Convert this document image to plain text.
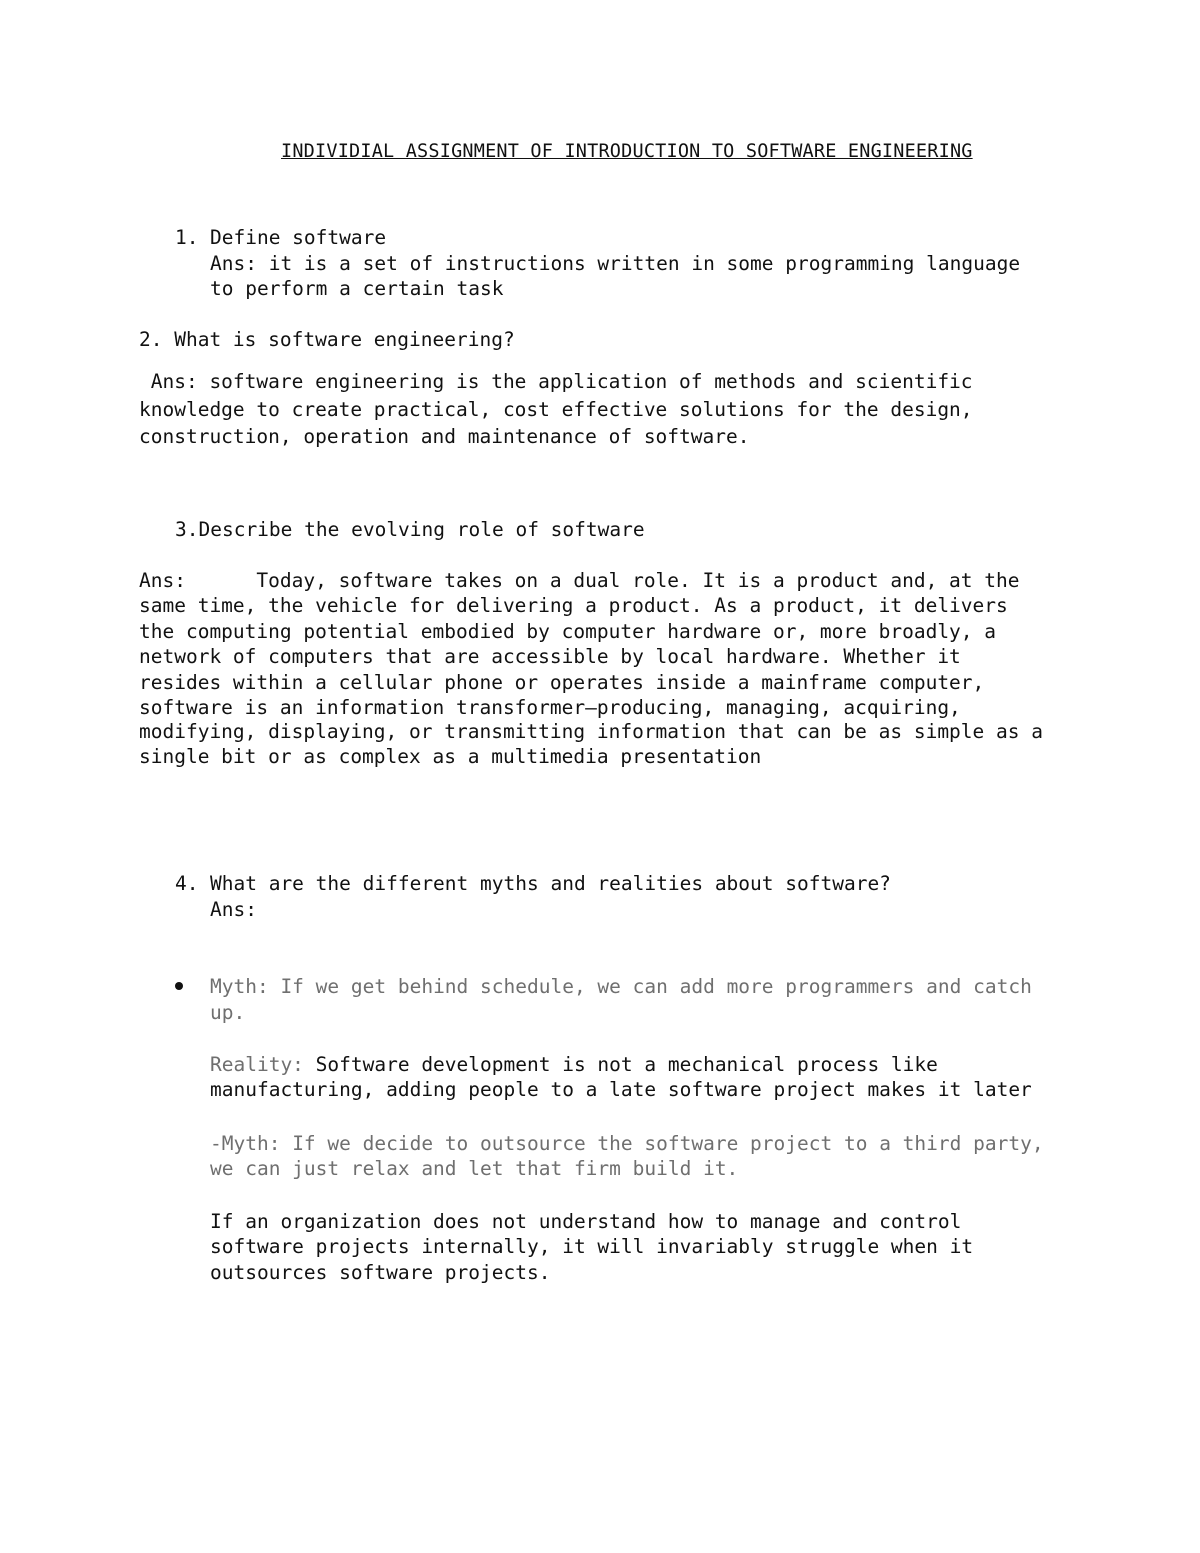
INDIVIDIAL ASSIGNMENT OF INTRODUCTION TO SOFTWARE ENGINEERING
1. Define software
Ans: it is a set of instructions written in some programming language
to perform a certain task
2. What is software engineering?
Ans: software engineering is the application of methods and scientific
knowledge to create practical, cost effective solutions for the design,
construction, operation and maintenance of software.
3.Describe the evolving role of software
Ans:      Today, software takes on a dual role. It is a product and, at the
same time, the vehicle for delivering a product. As a product, it delivers
the computing potential embodied by computer hardware or, more broadly, a
network of computers that are accessible by local hardware. Whether it
resides within a cellular phone or operates inside a mainframe computer,
software is an information transformer—producing, managing, acquiring,
modifying, displaying, or transmitting information that can be as simple as a
single bit or as complex as a multimedia presentation
4. What are the different myths and realities about software?
Ans:
Myth: If we get behind schedule, we can add more programmers and catch
up.
Reality: Software development is not a mechanical process like
manufacturing, adding people to a late software project makes it later
-Myth: If we decide to outsource the software project to a third party,
we can just relax and let that firm build it.
If an organization does not understand how to manage and control
software projects internally, it will invariably struggle when it
outsources software projects.
